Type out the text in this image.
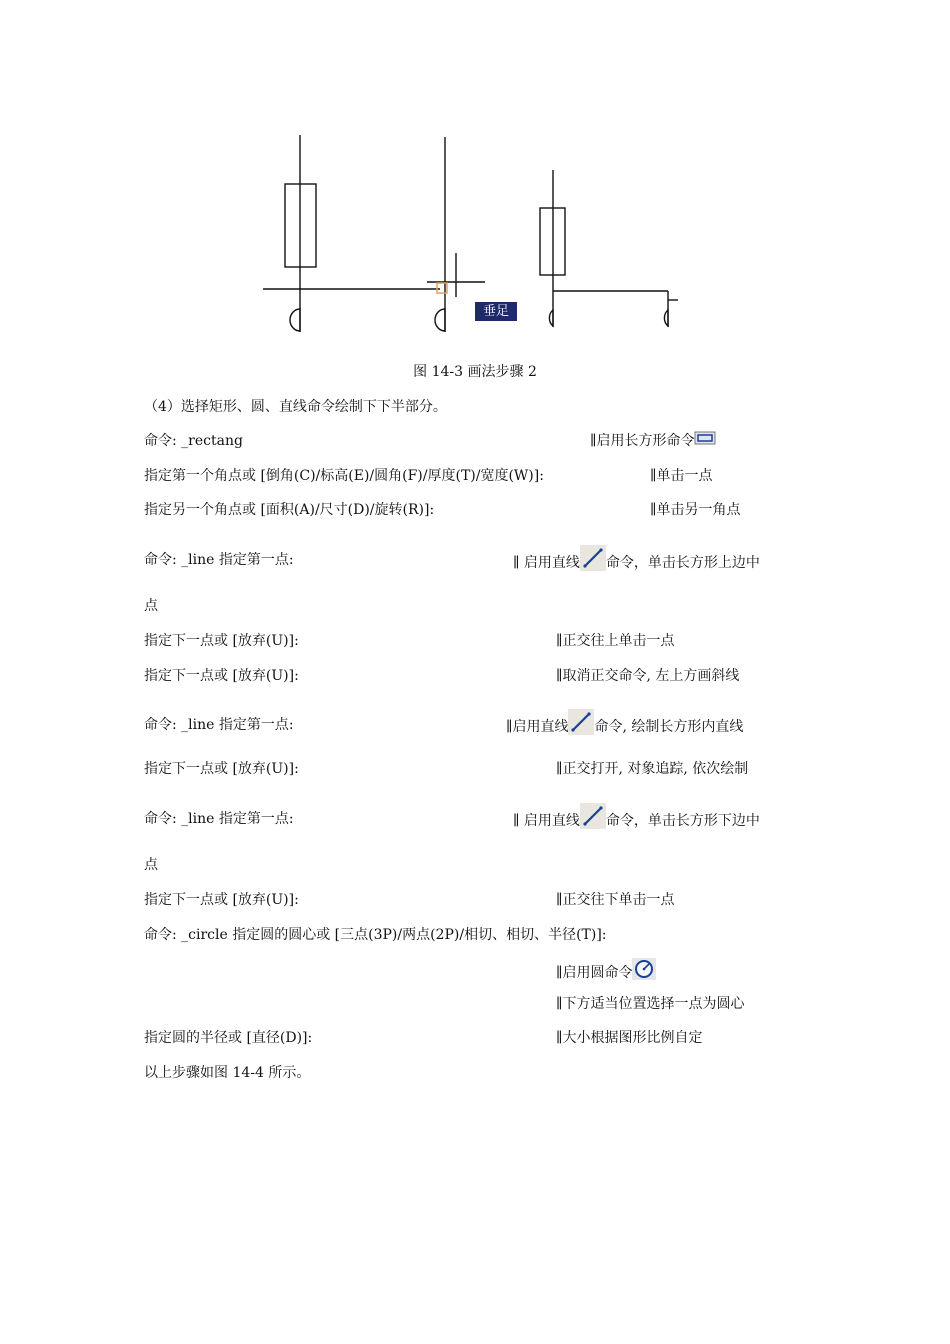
垂足
图 14-3 画法步骤 2
（4）选择矩形、圆、直线命令绘制下下半部分。
命令: _rectang	∥启用长方形命令
指定第一个角点或 [倒角(C)/标高(E)/圆角(F)/厚度(T)/宽度(W)]:	∥单击一点
指定另一个角点或 [面积(A)/尺寸(D)/旋转(R)]:	∥单击另一角点
命令: _line 指定第一点:	∥ 启用直线 命令，单击长方形上边中
点
指定下一点或 [放弃(U)]:	∥正交往上单击一点
指定下一点或 [放弃(U)]:	∥取消正交命令, 左上方画斜线
命令: _line 指定第一点:	∥启用直线 命令, 绘制长方形内直线
指定下一点或 [放弃(U)]:	∥正交打开, 对象追踪, 依次绘制
命令: _line 指定第一点:	∥ 启用直线 命令，单击长方形下边中
点
指定下一点或 [放弃(U)]:	∥正交往下单击一点
命令: _circle 指定圆的圆心或 [三点(3P)/两点(2P)/相切、相切、半径(T)]:
∥启用圆命令
∥下方适当位置选择一点为圆心
指定圆的半径或 [直径(D)]:	∥大小根据图形比例自定
以上步骤如图 14-4 所示。
